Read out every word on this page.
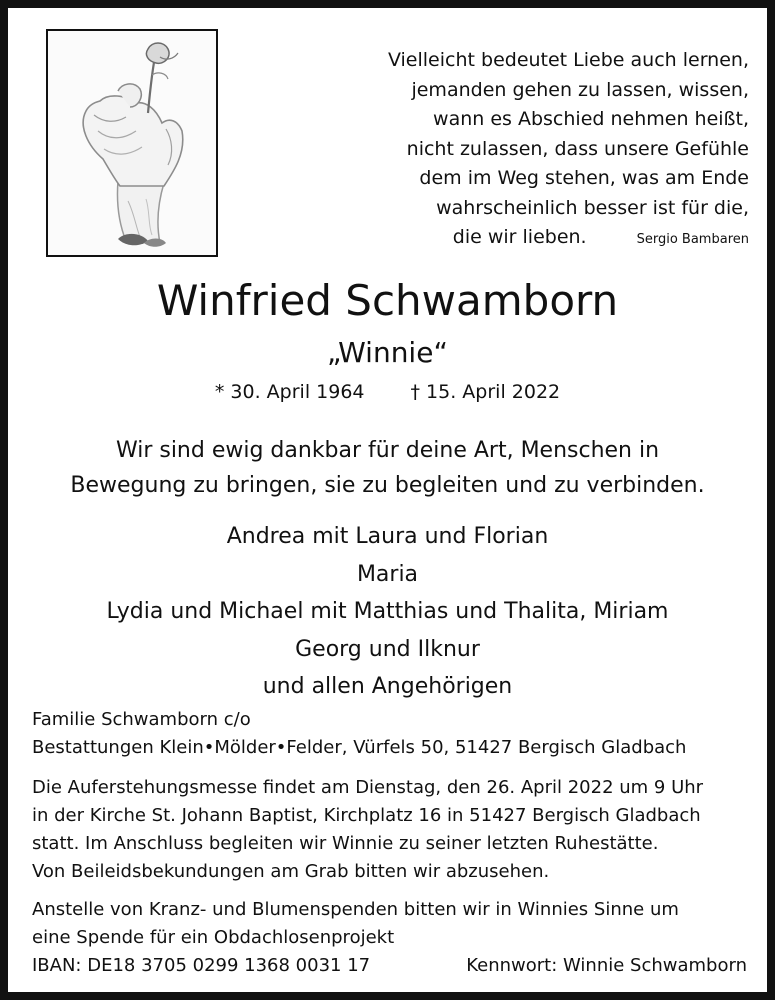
Vielleicht bedeutet Liebe auch lernen,
jemanden gehen zu lassen, wissen,
wann es Abschied nehmen heißt,
nicht zulassen, dass unsere Gefühle
dem im Weg stehen, was am Ende
wahrscheinlich besser ist für die,
die wir lieben.	Sergio Bambaren
Winfried Schwamborn
„Winnie“
* 30. April 1964 † 15. April 2022
Wir sind ewig dankbar für deine Art, Menschen in
Bewegung zu bringen, sie zu begleiten und zu verbinden.
Andrea mit Laura und Florian
Maria
Lydia und Michael mit Matthias und Thalita, Miriam
Georg und Ilknur
und allen Angehörigen
Familie Schwamborn c/o
Bestattungen Klein•Mölder•Felder, Vürfels 50, 51427 Bergisch Gladbach
Die Auferstehungsmesse findet am Dienstag, den 26. April 2022 um 9 Uhr
in der Kirche St. Johann Baptist, Kirchplatz 16 in 51427 Bergisch Gladbach
statt. Im Anschluss begleiten wir Winnie zu seiner letzten Ruhestätte.
Von Beileidsbekundungen am Grab bitten wir abzusehen.
Anstelle von Kranz- und Blumenspenden bitten wir in Winnies Sinne um
eine Spende für ein Obdachlosenprojekt
IBAN: DE18 3705 0299 1368 0031 17	Kennwort: Winnie Schwamborn
